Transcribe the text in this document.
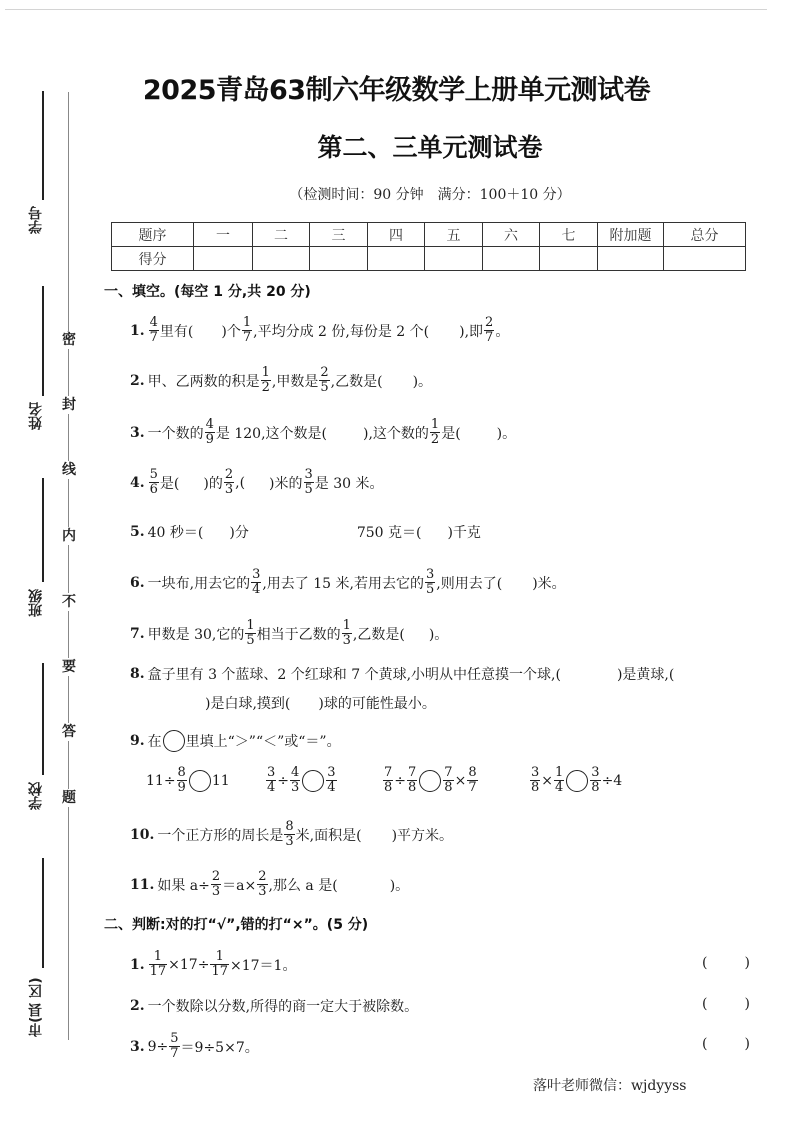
学号
姓名
班级
学校
市(县 区)
密
封
线
内
不
要
答
题
2025青岛63制六年级数学上册单元测试卷
第二、三单元测试卷
（检测时间：90 分钟　满分：100＋10 分）
题序	一	二	三	四	五	六	七	附加题	总分
得分									
一、填空。(每空 1 分,共 20 分)
1. $\frac{4}{7}$ 里有( )个 $\frac{1}{7}$ ,平均分成 2 份,每份是 2 个( ),即 $\frac{2}{7}$ 。
2. 甲、乙两数的积是 $\frac{1}{2}$ ,甲数是 $\frac{2}{5}$ ,乙数是( )。
3. 一个数的 $\frac{4}{9}$ 是 120,这个数是(	),这个数的 $\frac{1}{2}$ 是(	)。
4. $\frac{5}{6}$ 是( )的 $\frac{2}{3}$ ,( )米的 $\frac{3}{5}$ 是 30 米。
5. 40 秒＝( )分	750 克＝( )千克
6. 一块布,用去它的 $\frac{3}{4}$ ,用去了 15 米,若用去它的 $\frac{3}{5}$ ,则用去了( )米。
7. 甲数是 30,它的 $\frac{1}{5}$ 相当于乙数的 $\frac{1}{3}$ ,乙数是( )。
8. 盒子里有 3 个蓝球、2 个红球和 7 个黄球,小明从中任意摸一个球,(　　　　)是黄球,(
)是白球,摸到(　　)球的可能性最小。
9. 在 里填上“＞”“＜”或“＝”。
$11\div \frac{8}{9} 11$	$\frac{3}{4} \div \frac{4}{3} \frac{3}{4}$	$\frac{7}{8} \div \frac{7}{8} \frac{7}{8} \times \frac{8}{7}$	$\frac{3}{8} \times \frac{1}{4} \frac{3}{8} \div 4$
10. 一个正方形的周长是 $\frac{8}{3}$ 米,面积是( )平方米。
11. 如果 $a\div \frac{2}{3} =a\times \frac{2}{3}$ ,那么 a 是(	)。
二、判断:对的打“√”,错的打“×”。(5 分)
1. $\frac{1}{17} \times 17\div \frac{1}{17} \times 17=1$。	(	)
2. 一个数除以分数,所得的商一定大于被除数。	(	)
3. $9\div \frac{5}{7} =9\div 5\times 7$。	(	)
落叶老师微信：wjdyyss
